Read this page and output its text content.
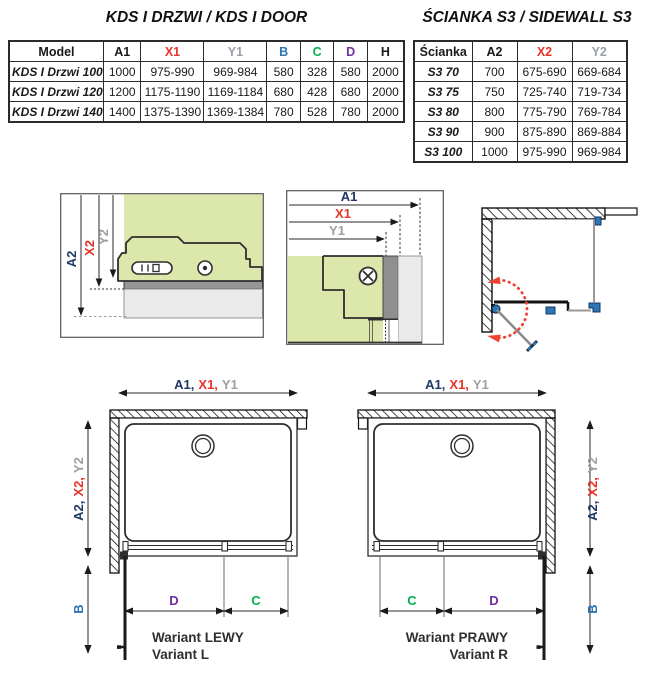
KDS I DRZWI / KDS I DOOR	ŚCIANKA S3 / SIDEWALL S3
Model	A1	X1	Y1	B	C	D	H
KDS I Drzwi 100	1000	975-990	969-984	580	328	580	2000
KDS I Drzwi 120	1200	1175-1190	1169-1184	680	428	680	2000
KDS I Drzwi 140	1400	1375-1390	1369-1384	780	528	780	2000
Ścianka	A2	X2	Y2
S3 70	700	675-690	669-684
S3 75	750	725-740	719-734
S3 80	800	775-790	769-784
S3 90	900	875-890	869-884
S3 100	1000	975-990	969-984
A2
X2
Y2
A1
X1
Y1
A1, X1, Y1
A2,X2,Y2
B
D	C
Wariant LEWY
Variant L
A1, X1, Y1
A2,X2,Y2
B
C	D
Wariant PRAWY
Variant R
